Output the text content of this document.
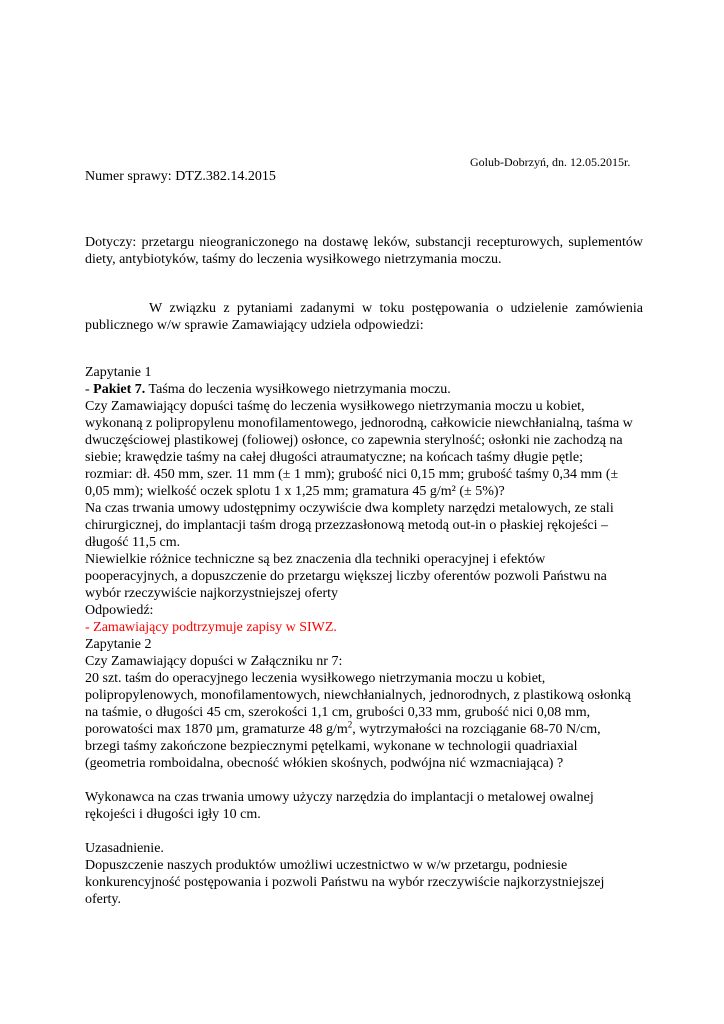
Golub-Dobrzyń, dn. 12.05.2015r.
Numer sprawy: DTZ.382.14.2015
Dotyczy: przetargu nieograniczonego na dostawę leków, substancji recepturowych, suplementów
diety, antybiotyków, taśmy do leczenia wysiłkowego nietrzymania moczu.
W związku z pytaniami zadanymi w toku postępowania o udzielenie zamówienia
publicznego w/w sprawie Zamawiający udziela odpowiedzi:
Zapytanie 1
- Pakiet 7. Taśma do leczenia wysiłkowego nietrzymania moczu.
Czy Zamawiający dopuści taśmę do leczenia wysiłkowego nietrzymania moczu u kobiet,
wykonaną z polipropylenu monofilamentowego, jednorodną, całkowicie niewchłanialną, taśma w
dwuczęściowej plastikowej (foliowej) osłonce, co zapewnia sterylność; osłonki nie zachodzą na
siebie; krawędzie taśmy na całej długości atraumatyczne; na końcach taśmy długie pętle;
rozmiar: dł. 450 mm, szer. 11 mm (± 1 mm); grubość nici 0,15 mm; grubość taśmy 0,34 mm (±
0,05 mm); wielkość oczek splotu 1 x 1,25 mm; gramatura 45 g/m² (± 5%)?
Na czas trwania umowy udostępnimy oczywiście dwa komplety narzędzi metalowych, ze stali
chirurgicznej, do implantacji taśm drogą przezzasłonową metodą out-in o płaskiej rękojeści –
długość 11,5 cm.
Niewielkie różnice techniczne są bez znaczenia dla techniki operacyjnej i efektów
pooperacyjnych, a dopuszczenie do przetargu większej liczby oferentów pozwoli Państwu na
wybór rzeczywiście najkorzystniejszej oferty
Odpowiedź:
- Zamawiający podtrzymuje zapisy w SIWZ.
Zapytanie 2
Czy Zamawiający dopuści w Załączniku nr 7:
20 szt. taśm do operacyjnego leczenia wysiłkowego nietrzymania moczu u kobiet,
polipropylenowych, monofilamentowych, niewchłanialnych, jednorodnych, z plastikową osłonką
na taśmie, o długości 45 cm, szerokości 1,1 cm, grubości 0,33 mm, grubość nici 0,08 mm,
porowatości max 1870 µm, gramaturze 48 $g/m^2$, wytrzymałości na rozciąganie 68-70 N/cm,
brzegi taśmy zakończone bezpiecznymi pętelkami, wykonane w technologii quadriaxial
(geometria romboidalna, obecność włókien skośnych, podwójna nić wzmacniająca) ?
Wykonawca na czas trwania umowy użyczy narzędzia do implantacji o metalowej owalnej
rękojeści i długości igły 10 cm.
Uzasadnienie.
Dopuszczenie naszych produktów umożliwi uczestnictwo w w/w przetargu, podniesie
konkurencyjność postępowania i pozwoli Państwu na wybór rzeczywiście najkorzystniejszej
oferty.
